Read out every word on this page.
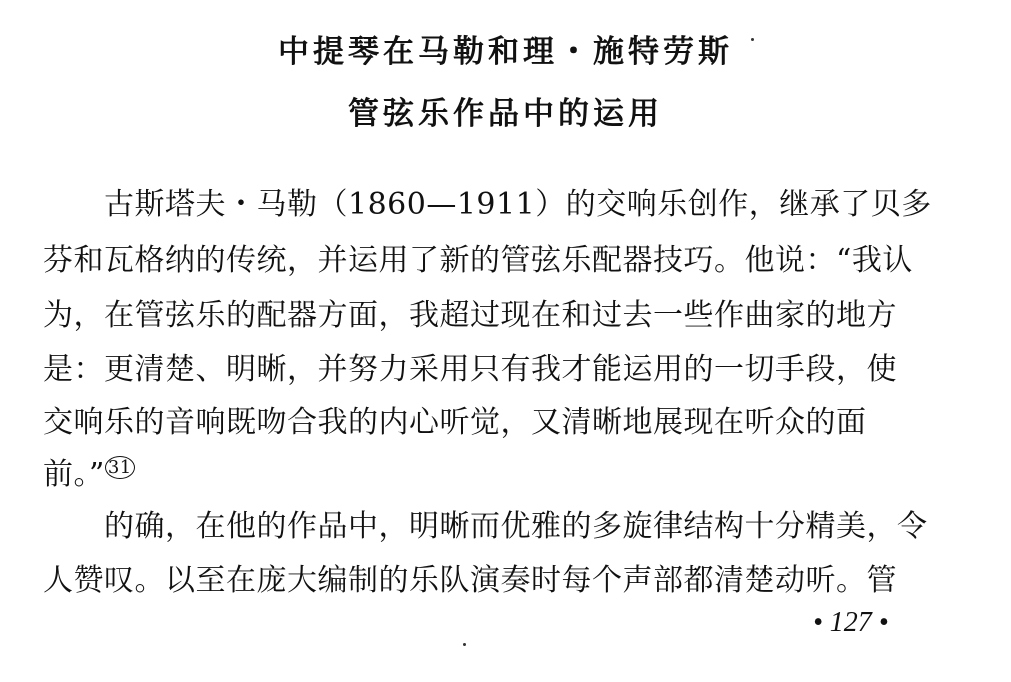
中提琴在马勒和理・施特劳斯
管弦乐作品中的运用
　　古斯塔夫・马勒（1860—1911）的交响乐创作，继承了贝多
芬和瓦格纳的传统，并运用了新的管弦乐配器技巧。他说：“我认
为，在管弦乐的配器方面，我超过现在和过去一些作曲家的地方
是：更清楚、明晰，并努力采用只有我才能运用的一切手段，使
交响乐的音响既吻合我的内心听觉，又清晰地展现在听众的面
前。” $^{31}$
　　的确，在他的作品中，明晰而优雅的多旋律结构十分精美，令
人赞叹。以至在庞大编制的乐队演奏时每个声部都清楚动听。管
• 127 •
